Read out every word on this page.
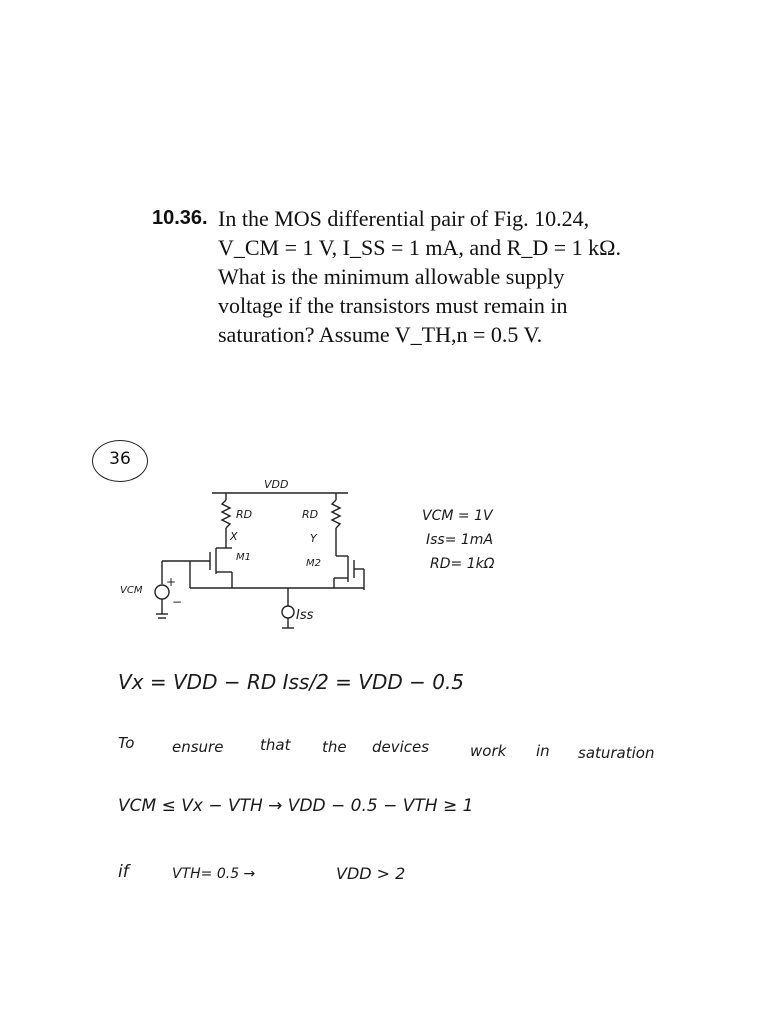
10.36. In the MOS differential pair of Fig. 10.24,
V_CM = 1 V, I_SS = 1 mA, and R_D = 1 kΩ.
What is the minimum allowable supply
voltage if the transistors must remain in
saturation? Assume V_TH,n = 0.5 V.
36
+
−
VDD
RD	RD
X	Y
M1
M2
VCM
Iss
VCM = 1V
Iss= 1mA
RD= 1kΩ
Vx = VDD − RD Iss/2 = VDD − 0.5
To	ensure that the devices	work in saturation
VCM ≤ Vx − VTH → VDD − 0.5 − VTH ≥ 1
if	VTH= 0.5 →	VDD > 2
